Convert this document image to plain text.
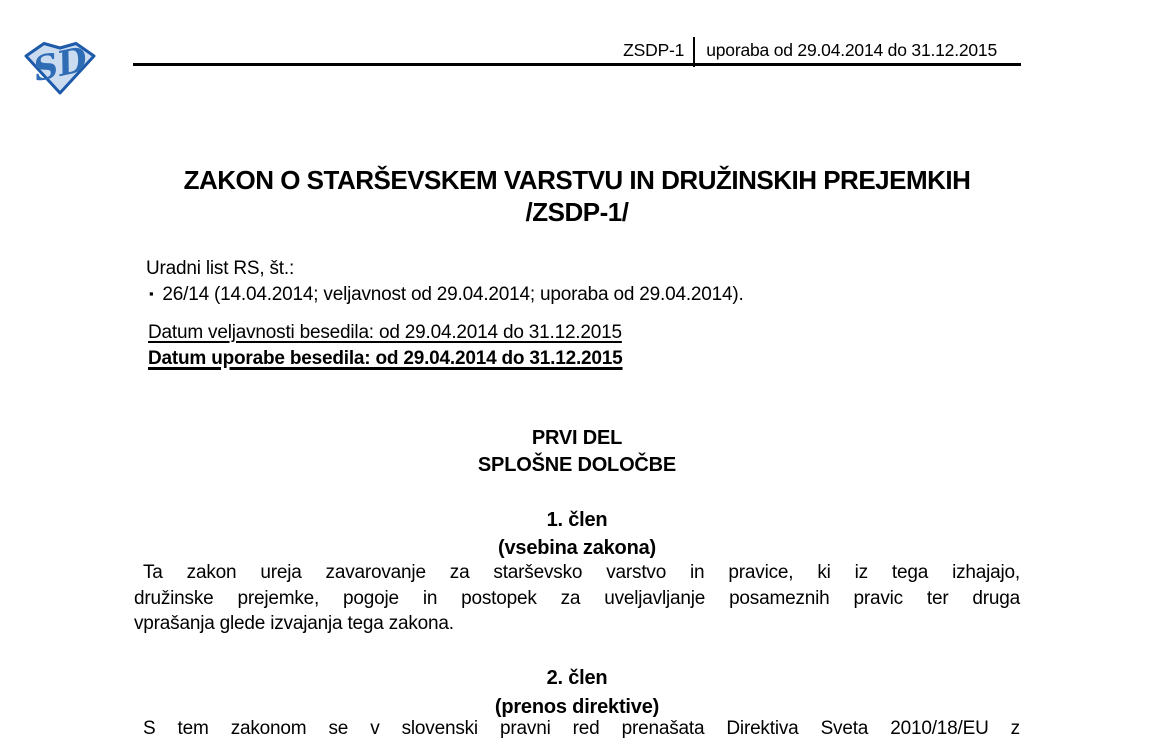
SD	ZSDP-1 uporaba od 29.04.2014 do 31.12.2015
ZAKON O STARŠEVSKEM VARSTVU IN DRUŽINSKIH PREJEMKIH
/ZSDP-1/
Uradni list RS, št.:
▪ 26/14 (14.04.2014; veljavnost od 29.04.2014; uporaba od 29.04.2014).
Datum veljavnosti besedila: od 29.04.2014 do 31.12.2015
Datum uporabe besedila: od 29.04.2014 do 31.12.2015
PRVI DEL
SPLOŠNE DOLOČBE
1. člen
(vsebina zakona)
Ta zakon ureja zavarovanje za starševsko varstvo in pravice, ki iz tega izhajajo,
družinske prejemke, pogoje in postopek za uveljavljanje posameznih pravic ter druga
vprašanja glede izvajanja tega zakona.
2. člen
(prenos direktive)
S tem zakonom se v slovenski pravni red prenašata Direktiva Sveta 2010/18/EU z
